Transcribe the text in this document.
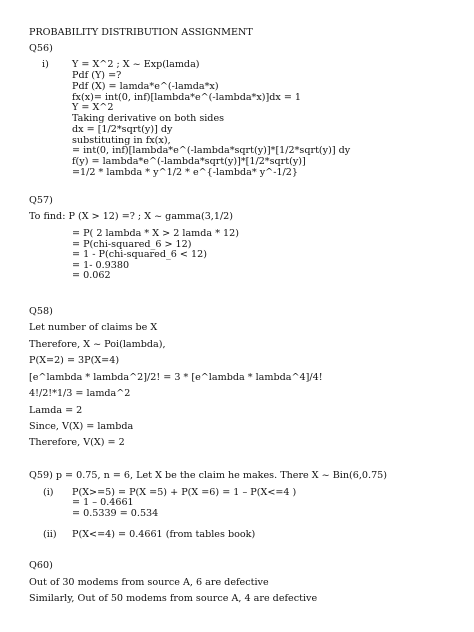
PROBABILITY DISTRIBUTION ASSIGNMENT
Q56)
i) Y = X^2 ; X ~ Exp(lamda)
Pdf (Y) =?
Pdf (X) = lamda*e^(-lamda*x)
fx(x)= int(0, inf)[lambda*e^(-lambda*x)]dx = 1
Y = X^2
Taking derivative on both sides
dx = [1/2*sqrt(y)] dy
substituting in fx(x),
= int(0, inf)[lambda*e^(-lambda*sqrt(y)]*[1/2*sqrt(y)] dy
f(y) = lambda*e^(-lambda*sqrt(y)]*[1/2*sqrt(y)]
=1/2 * lambda * y^1/2 * e^{-lambda* y^-1/2}
Q57)
To find: P (X > 12) =? ; X ~ gamma(3,1/2)
= P( 2 lambda * X > 2 lamda * 12)
= P(chi-squared_6 > 12)
= 1 - P(chi-squared_6 < 12)
= 1- 0.9380
= 0.062
Q58)
Let number of claims be X
Therefore, X ~ Poi(lambda),
P(X=2) = 3P(X=4)
[e^lambda * lambda^2]/2! = 3 * [e^lambda * lambda^4]/4!
4!/2!*1/3 = lamda^2
Lamda = 2
Since, V(X) = lambda
Therefore, V(X) = 2
Q59) p = 0.75, n = 6, Let X be the claim he makes. There X ~ Bin(6,0.75)
(i) P(X>=5) = P(X =5) + P(X =6) = 1 – P(X<=4 )
= 1 – 0.4661
= 0.5339 = 0.534
(ii) P(X<=4) = 0.4661 (from tables book)
Q60)
Out of 30 modems from source A, 6 are defective
Similarly, Out of 50 modems from source A, 4 are defective
